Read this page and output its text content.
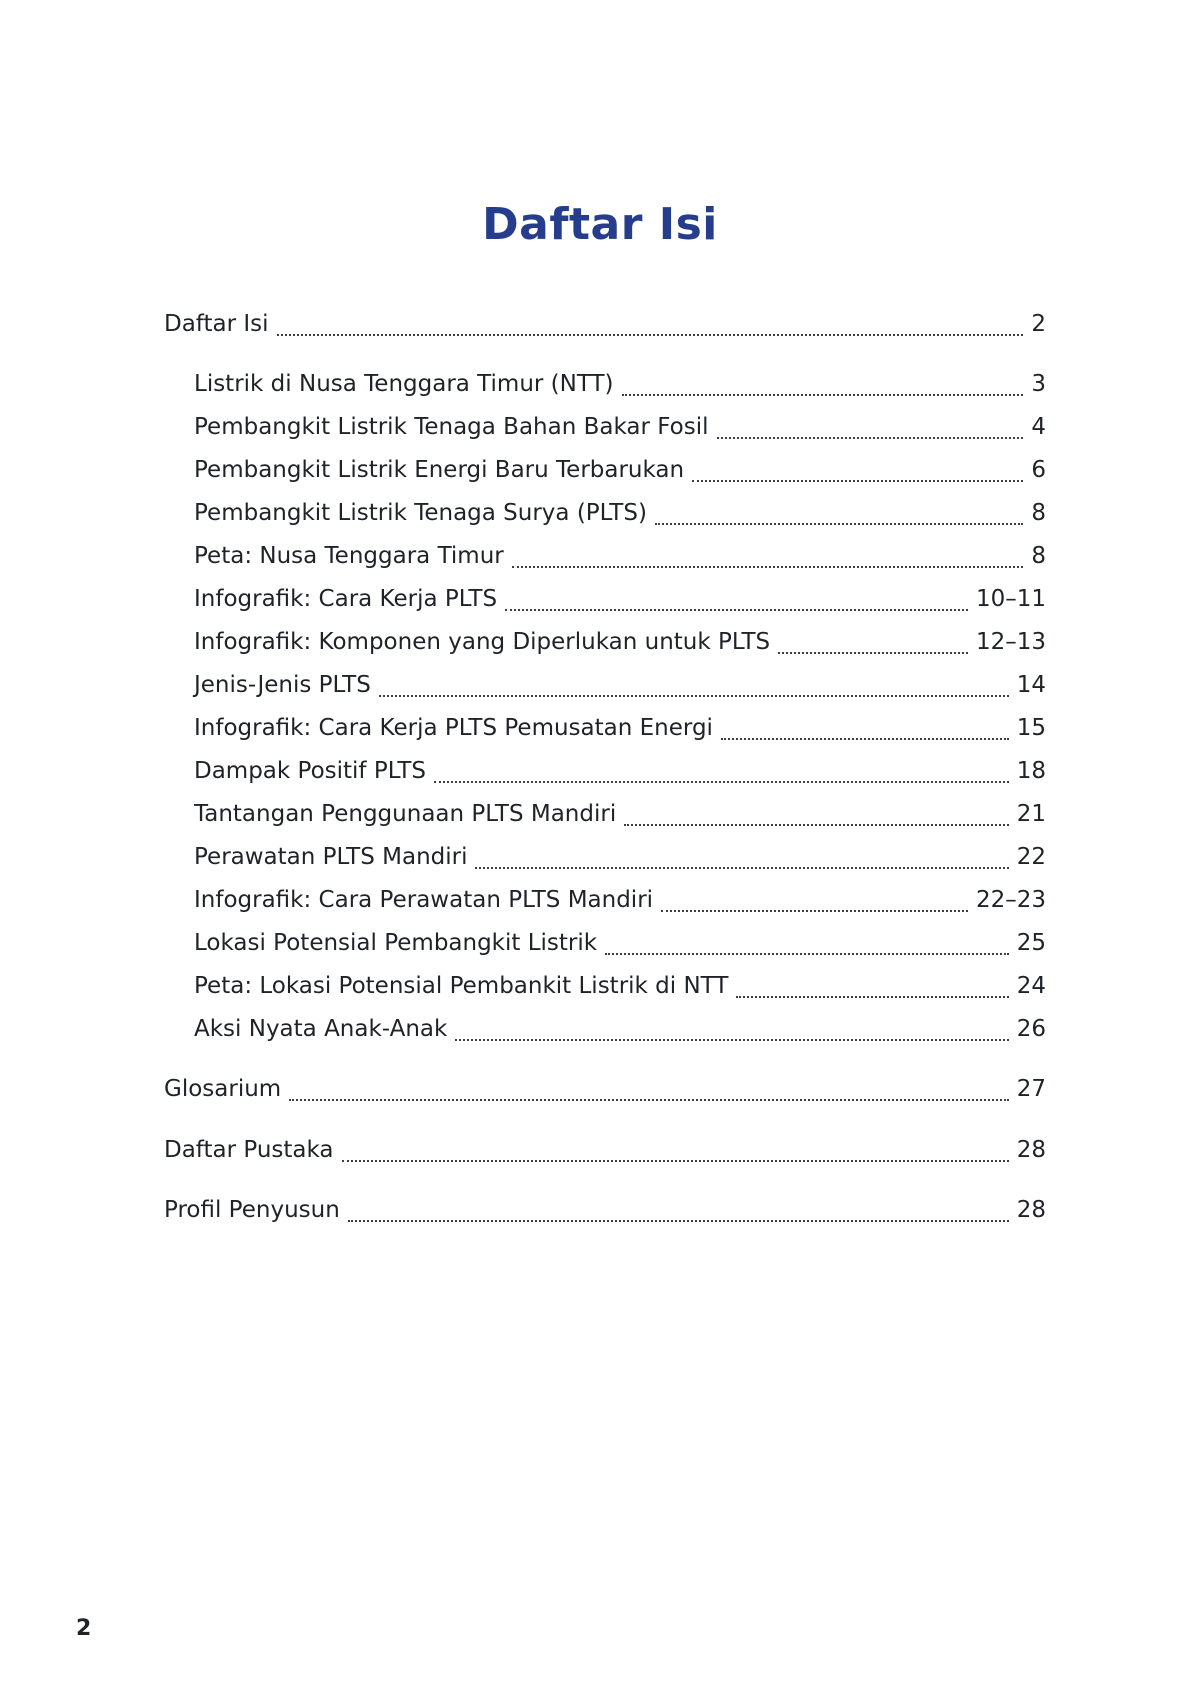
Daftar Isi
Daftar Isi	2
Listrik di Nusa Tenggara Timur (NTT)	3
Pembangkit Listrik Tenaga Bahan Bakar Fosil	4
Pembangkit Listrik Energi Baru Terbarukan	6
Pembangkit Listrik Tenaga Surya (PLTS)	8
Peta: Nusa Tenggara Timur	8
Infografik: Cara Kerja PLTS	10–11
Infografik: Komponen yang Diperlukan untuk PLTS	12–13
Jenis-Jenis PLTS	14
Infografik: Cara Kerja PLTS Pemusatan Energi	15
Dampak Positif PLTS	18
Tantangan Penggunaan PLTS Mandiri	21
Perawatan PLTS Mandiri	22
Infografik: Cara Perawatan PLTS Mandiri	22–23
Lokasi Potensial Pembangkit Listrik	25
Peta: Lokasi Potensial Pembankit Listrik di NTT	24
Aksi Nyata Anak-Anak	26
Glosarium	27
Daftar Pustaka	28
Profil Penyusun	28
2
